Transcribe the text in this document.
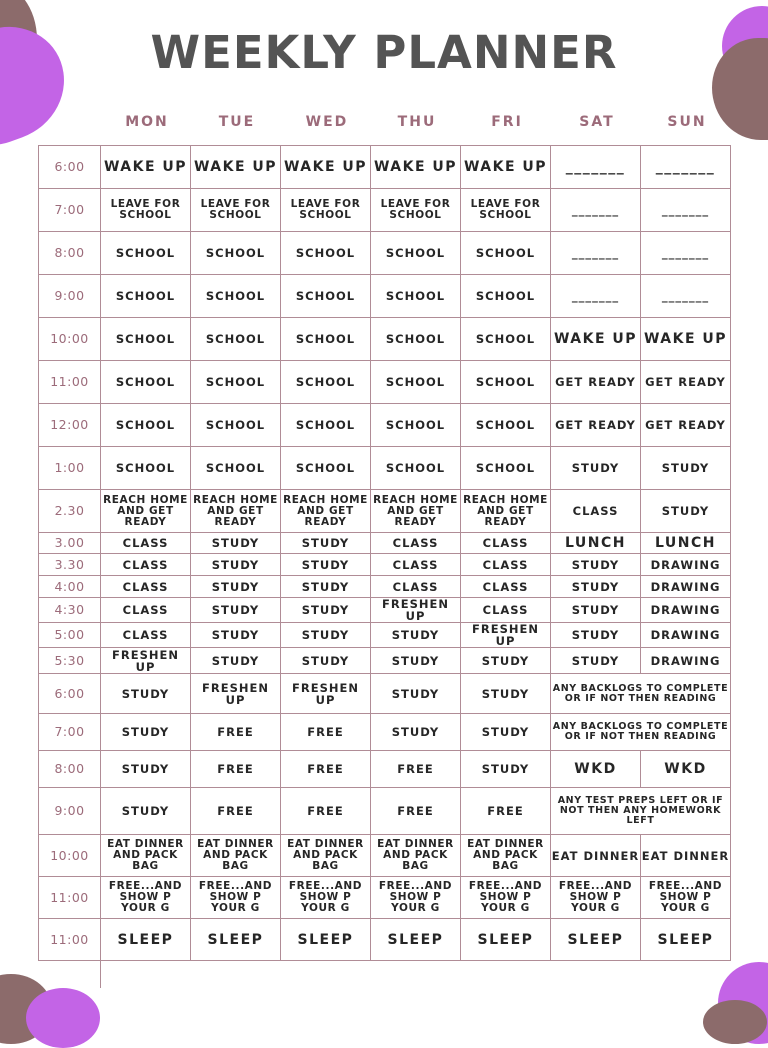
WEEKLY PLANNER
MON	TUE	WED	THU	FRI	SAT	SUN
6:00	WAKE UP	WAKE UP	WAKE UP	WAKE UP	WAKE UP	_______	_______
7:00	LEAVE FOR SCHOOL	LEAVE FOR SCHOOL	LEAVE FOR SCHOOL	LEAVE FOR SCHOOL	LEAVE FOR SCHOOL	_______	_______
8:00	SCHOOL	SCHOOL	SCHOOL	SCHOOL	SCHOOL	_______	_______
9:00	SCHOOL	SCHOOL	SCHOOL	SCHOOL	SCHOOL	_______	_______
10:00	SCHOOL	SCHOOL	SCHOOL	SCHOOL	SCHOOL	WAKE UP	WAKE UP
11:00	SCHOOL	SCHOOL	SCHOOL	SCHOOL	SCHOOL	GET READY	GET READY
12:00	SCHOOL	SCHOOL	SCHOOL	SCHOOL	SCHOOL	GET READY	GET READY
1:00	SCHOOL	SCHOOL	SCHOOL	SCHOOL	SCHOOL	STUDY	STUDY
2.30	REACH HOME AND GET READY	REACH HOME AND GET READY	REACH HOME AND GET READY	REACH HOME AND GET READY	REACH HOME AND GET READY	CLASS	STUDY
3.00	CLASS	STUDY	STUDY	CLASS	CLASS	LUNCH	LUNCH
3.30	CLASS	STUDY	STUDY	CLASS	CLASS	STUDY	DRAWING
4:00	CLASS	STUDY	STUDY	CLASS	CLASS	STUDY	DRAWING
4:30	CLASS	STUDY	STUDY	FRESHEN UP	CLASS	STUDY	DRAWING
5:00	CLASS	STUDY	STUDY	STUDY	FRESHEN UP	STUDY	DRAWING
5:30	FRESHEN UP	STUDY	STUDY	STUDY	STUDY	STUDY	DRAWING
6:00	STUDY	FRESHEN UP	FRESHEN UP	STUDY	STUDY	ANY BACKLOGS TO COMPLETE OR IF NOT THEN READING	
7:00	STUDY	FREE	FREE	STUDY	STUDY	ANY BACKLOGS TO COMPLETE OR IF NOT THEN READING	
8:00	STUDY	FREE	FREE	FREE	STUDY	WKD	WKD
9:00	STUDY	FREE	FREE	FREE	FREE	ANY TEST PREPS LEFT OR IF NOT THEN ANY HOMEWORK LEFT	
10:00	EAT DINNER AND PACK BAG	EAT DINNER AND PACK BAG	EAT DINNER AND PACK BAG	EAT DINNER AND PACK BAG	EAT DINNER AND PACK BAG	EAT DINNER	EAT DINNER
11:00	FREE...AND SHOW P YOUR G	FREE...AND SHOW P YOUR G	FREE...AND SHOW P YOUR G	FREE...AND SHOW P YOUR G	FREE...AND SHOW P YOUR G	FREE...AND SHOW P YOUR G	FREE...AND SHOW P YOUR G
11:00	SLEEP	SLEEP	SLEEP	SLEEP	SLEEP	SLEEP	SLEEP
